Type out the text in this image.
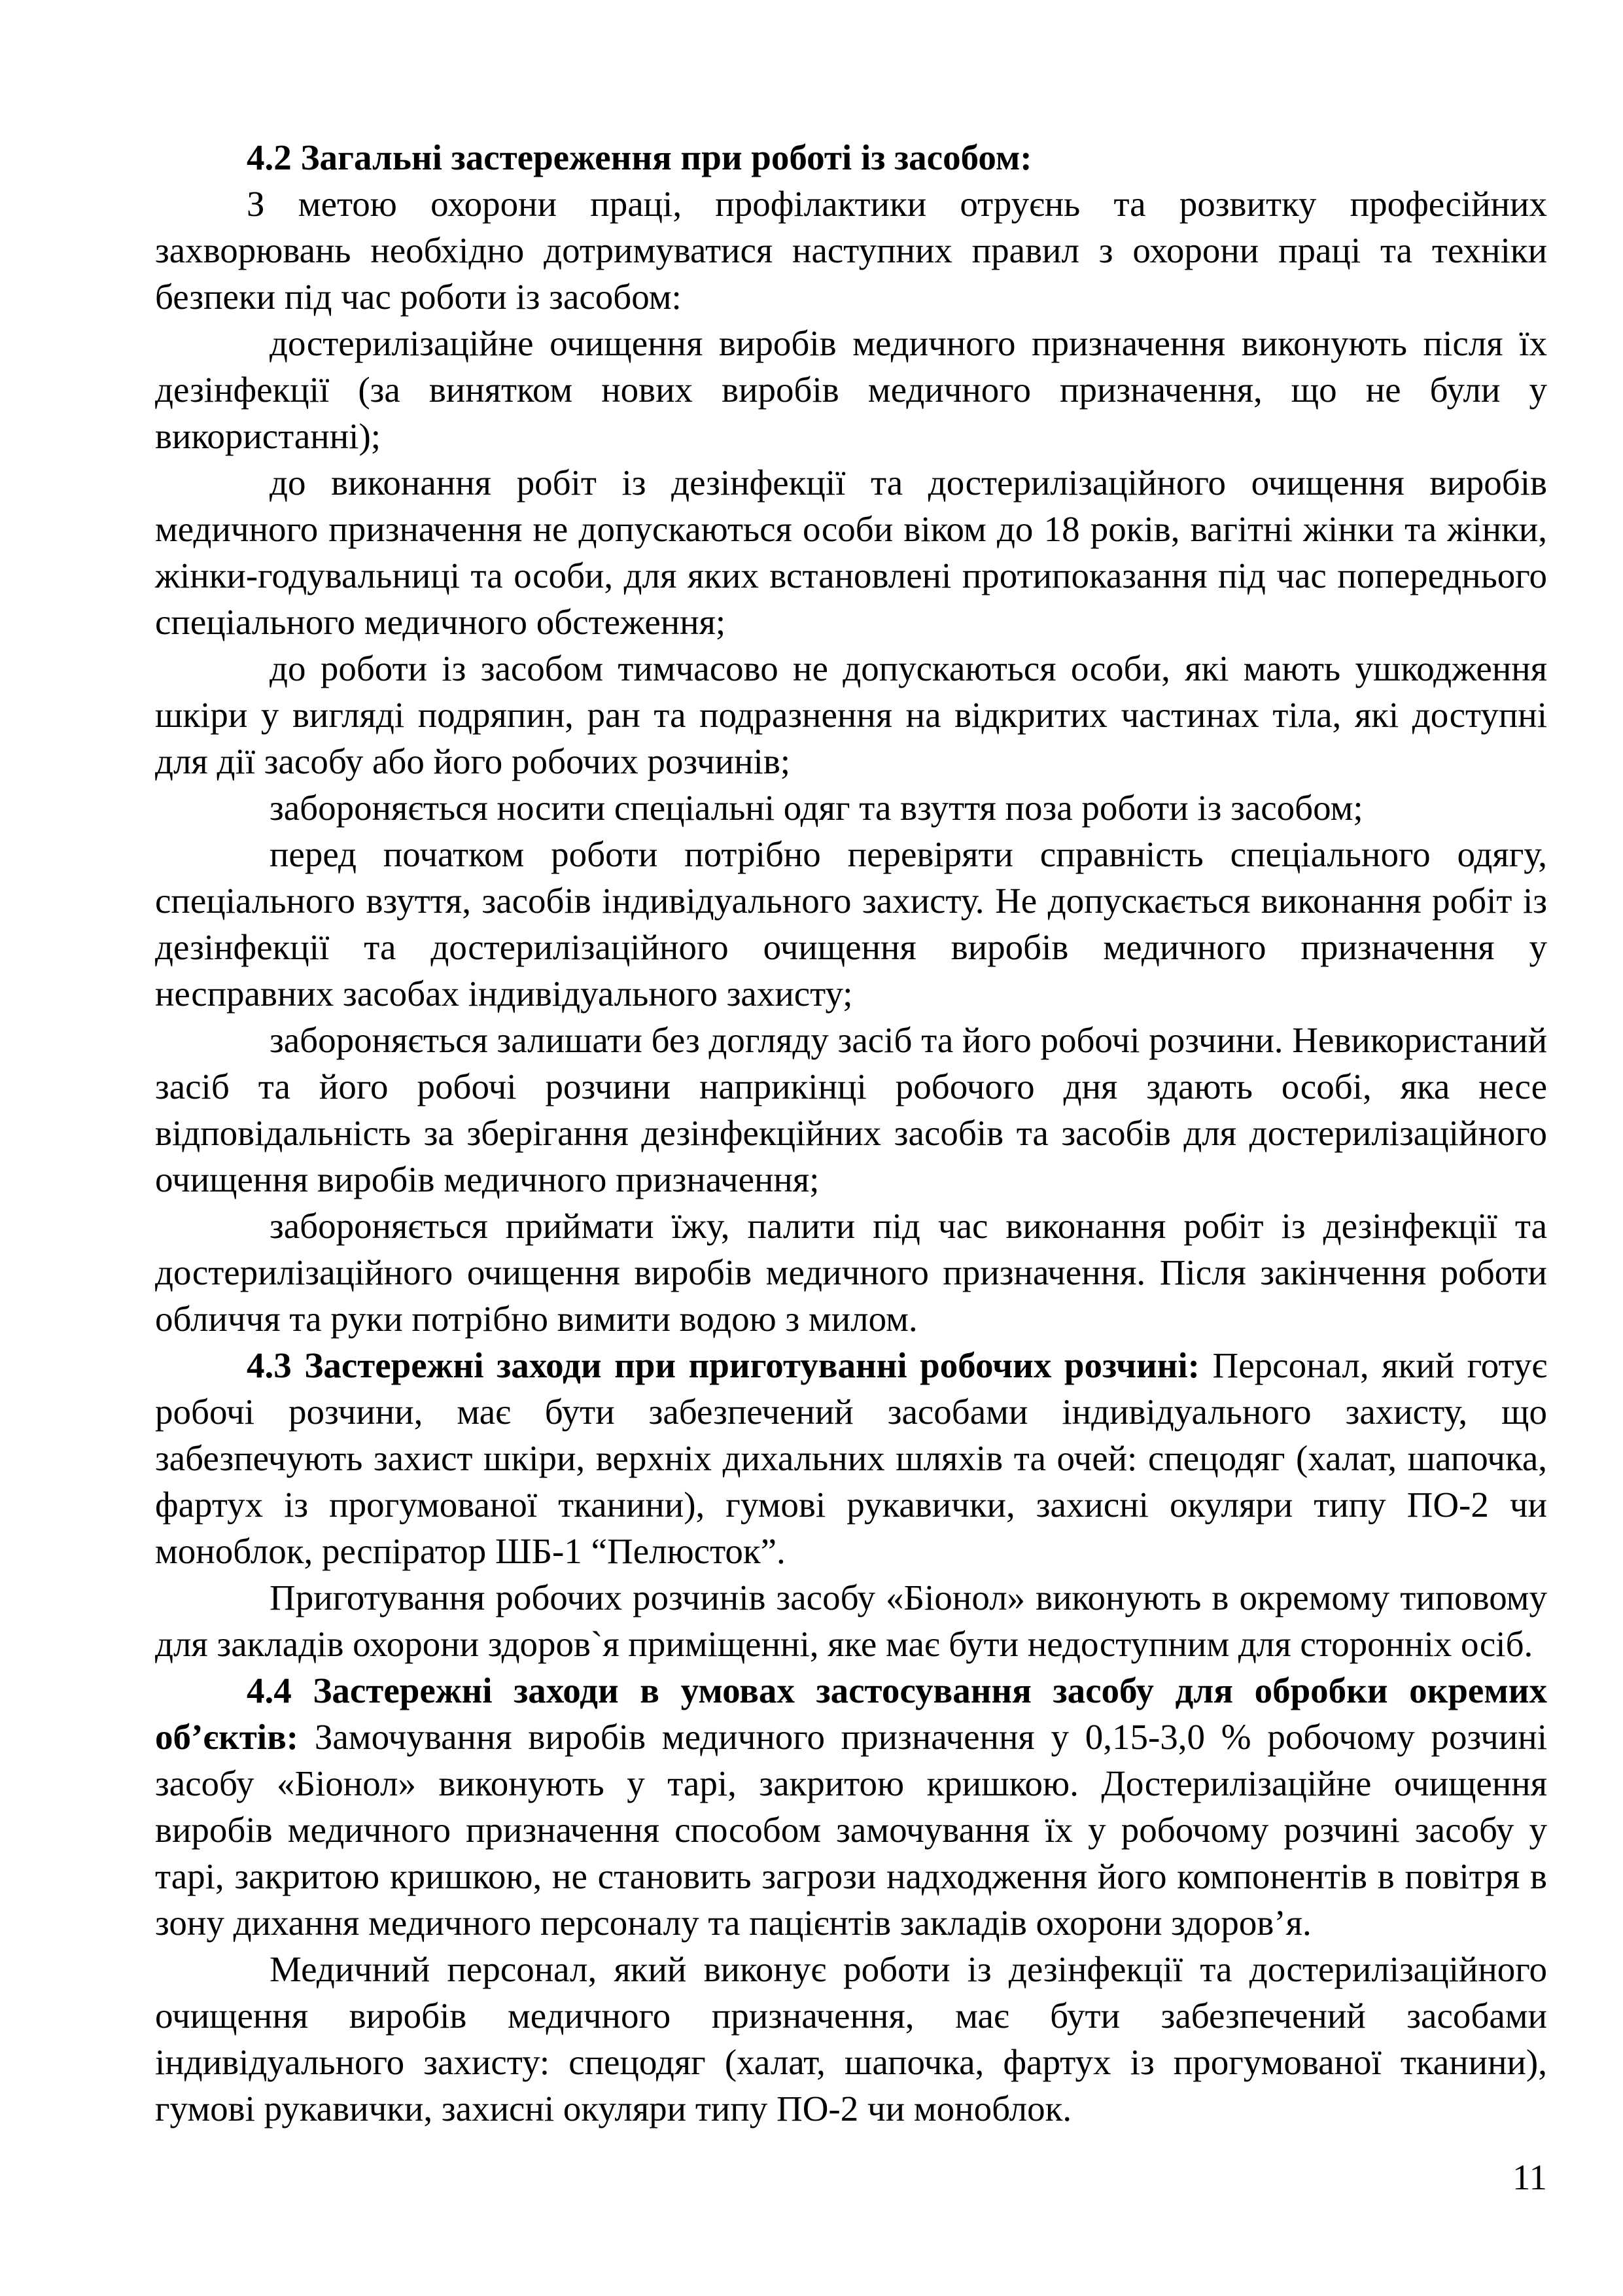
4.2 Загальні застереження при роботі із засобом:

З метою охорони праці, профілактики отруєнь та розвитку професійних захворювань необхідно дотримуватися наступних правил з охорони праці та техніки безпеки під час роботи із засобом:

достерилізаційне очищення виробів медичного призначення виконують після їх дезінфекції (за винятком нових виробів медичного призначення, що не були у використанні);

до виконання робіт із дезінфекції та достерилізаційного очищення виробів медичного призначення не допускаються особи віком до 18 років, вагітні жінки та жінки, жінки-годувальниці та особи, для яких встановлені протипоказання під час попереднього спеціального медичного обстеження;

до роботи із засобом тимчасово не допускаються особи, які мають ушкодження шкіри у вигляді подряпин, ран та подразнення на відкритих частинах тіла, які доступні для дії засобу або його робочих розчинів;

забороняється носити спеціальні одяг та взуття поза роботи із засобом;

перед початком роботи потрібно перевіряти справність спеціального одягу, спеціального взуття, засобів індивідуального захисту. Не допускається виконання робіт із дезінфекції та достерилізаційного очищення виробів медичного призначення у несправних засобах індивідуального захисту;

забороняється залишати без догляду засіб та його робочі розчини. Невикористаний засіб та його робочі розчини наприкінці робочого дня здають особі, яка несе відповідальність за зберігання дезінфекційних засобів та засобів для достерилізаційного очищення виробів медичного призначення;

забороняється приймати їжу, палити під час виконання робіт із дезінфекції та достерилізаційного очищення виробів медичного призначення. Після закінчення роботи обличчя та руки потрібно вимити водою з милом.

4.3 Застережні заходи при приготуванні робочих розчині: Персонал, який готує робочі розчини, має бути забезпечений засобами індивідуального захисту, що забезпечують захист шкіри, верхніх дихальних шляхів та очей: спецодяг (халат, шапочка, фартух із прогумованої тканини), гумові рукавички, захисні окуляри типу ПО-2 чи моноблок, респіратор ШБ-1 “Пелюсток”.

Приготування робочих розчинів засобу «Біонол» виконують в окремому типовому для закладів охорони здоров`я приміщенні, яке має бути недоступним для сторонніх осіб.

4.4 Застережні заходи в умовах застосування засобу для обробки окремих об’єктів: Замочування виробів медичного призначення у 0,15-3,0 % робочому розчині засобу «Біонол» виконують у тарі, закритою кришкою. Достерилізаційне очищення виробів медичного призначення способом замочування їх у робочому розчині засобу у тарі, закритою кришкою, не становить загрози надходження його компонентів в повітря в зону дихання медичного персоналу та пацієнтів закладів охорони здоров’я.

Медичний персонал, який виконує роботи із дезінфекції та достерилізаційного очищення виробів медичного призначення, має бути забезпечений засобами індивідуального захисту: спецодяг (халат, шапочка, фартух із прогумованої тканини), гумові рукавички, захисні окуляри типу ПО-2 чи моноблок.

11
